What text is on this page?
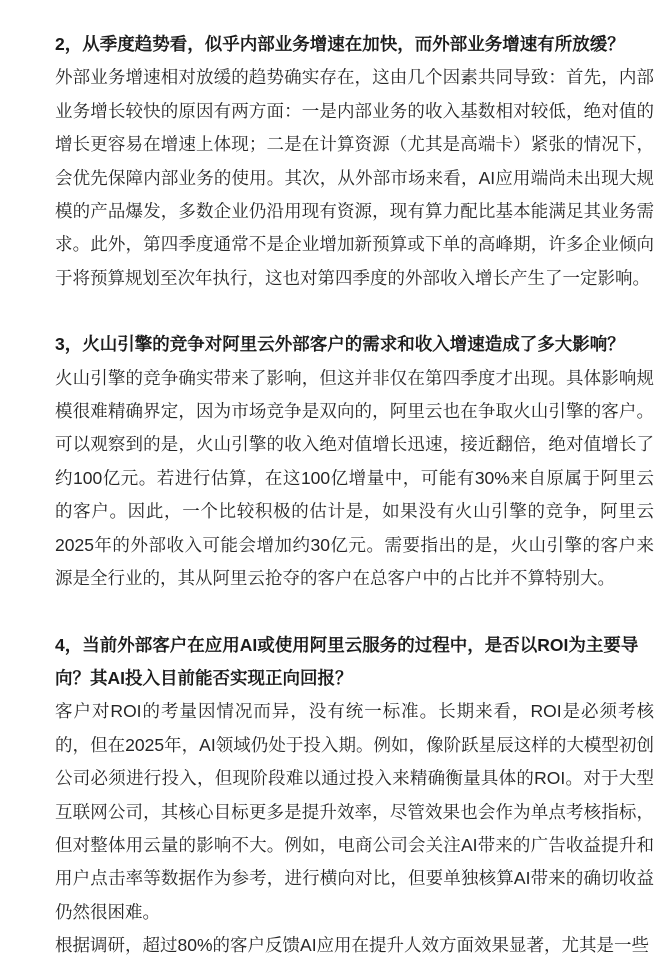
2，从季度趋势看，似乎内部业务增速在加快，而外部业务增速有所放缓？

外部业务增速相对放缓的趋势确实存在，这由几个因素共同导致：首先，内部业务增长较快的原因有两方面：一是内部业务的收入基数相对较低，绝对值的增长更容易在增速上体现；二是在计算资源（尤其是高端卡）紧张的情况下，会优先保障内部业务的使用。其次，从外部市场来看，AI应用端尚未出现大规模的产品爆发，多数企业仍沿用现有资源，现有算力配比基本能满足其业务需求。此外，第四季度通常不是企业增加新预算或下单的高峰期，许多企业倾向于将预算规划至次年执行，这也对第四季度的外部收入增长产生了一定影响。

3，火山引擎的竞争对阿里云外部客户的需求和收入增速造成了多大影响？

火山引擎的竞争确实带来了影响，但这并非仅在第四季度才出现。具体影响规模很难精确界定，因为市场竞争是双向的，阿里云也在争取火山引擎的客户。可以观察到的是，火山引擎的收入绝对值增长迅速，接近翻倍，绝对值增长了约100亿元。若进行估算，在这100亿增量中，可能有30%来自原属于阿里云的客户。因此，一个比较积极的估计是，如果没有火山引擎的竞争，阿里云2025年的外部收入可能会增加约30亿元。需要指出的是，火山引擎的客户来源是全行业的，其从阿里云抢夺的客户在总客户中的占比并不算特别大。

4，当前外部客户在应用AI或使用阿里云服务的过程中，是否以ROI为主要导向？其AI投入目前能否实现正向回报？

客户对ROI的考量因情况而异，没有统一标准。长期来看，ROI是必须考核的，但在2025年，AI领域仍处于投入期。例如，像阶跃星辰这样的大模型初创公司必须进行投入，但现阶段难以通过投入来精确衡量具体的ROI。对于大型互联网公司，其核心目标更多是提升效率，尽管效果也会作为单点考核指标，但对整体用云量的影响不大。例如，电商公司会关注AI带来的广告收益提升和用户点击率等数据作为参考，进行横向对比，但要单独核算AI带来的确切收益仍然很困难。

根据调研，超过80%的客户反馈AI应用在提升人效方面效果显著，尤其是一些
